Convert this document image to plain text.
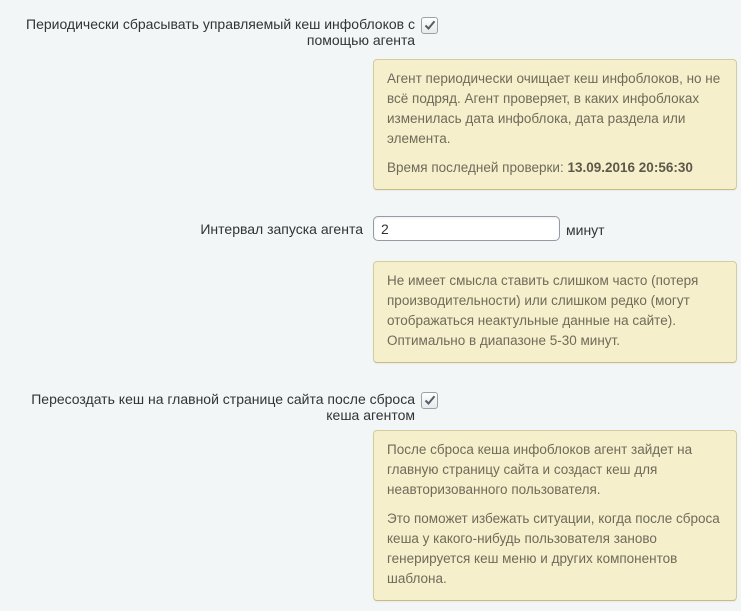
Периодически сбрасывать управляемый кеш инфоблоков с помощью агента

Агент периодически очищает кеш инфоблоков, но не всё подряд. Агент проверяет, в каких инфоблоках изменилась дата инфоблока, дата раздела или элемента.

Время последней проверки: 13.09.2016 20:56:30

Интервал запуска агента
2	минут

Не имеет смысла ставить слишком часто (потеря производительности) или слишком редко (могут отображаться неактульные данные на сайте). Оптимально в диапазоне 5-30 минут.

Пересоздать кеш на главной странице сайта после сброса кеша агентом

После сброса кеша инфоблоков агент зайдет на главную страницу сайта и создаст кеш для неавторизованного пользователя.

Это поможет избежать ситуации, когда после сброса кеша у какого-нибудь пользователя заново генерируется кеш меню и других компонентов шаблона.
